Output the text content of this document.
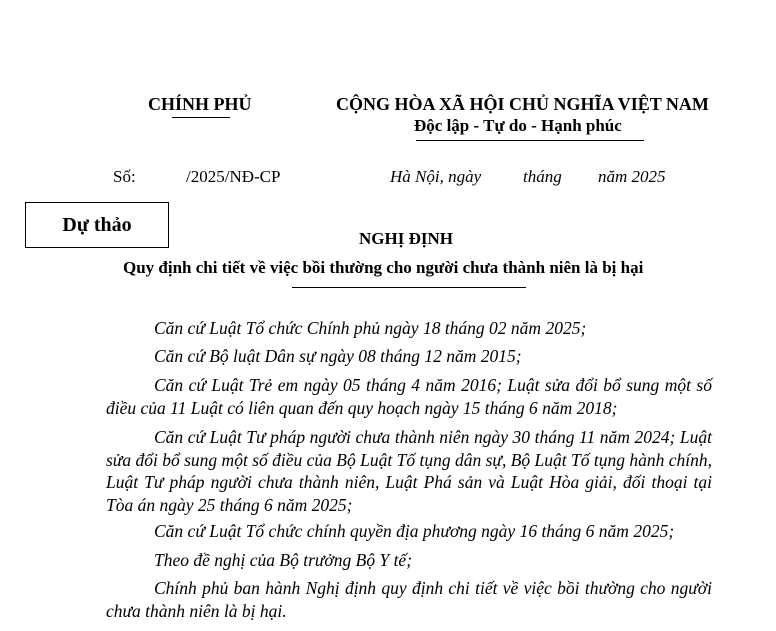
CHÍNH PHỦ	CỘNG HÒA XÃ HỘI CHỦ NGHĨA VIỆT NAM
Độc lập - Tự do - Hạnh phúc
Số:	/2025/NĐ-CP	Hà Nội, ngày tháng năm 2025
Dự thảo
NGHỊ ĐỊNH
Quy định chi tiết về việc bồi thường cho người chưa thành niên là bị hại
Căn cứ Luật Tổ chức Chính phủ ngày 18 tháng 02 năm 2025;
Căn cứ Bộ luật Dân sự ngày 08 tháng 12 năm 2015;
Căn cứ Luật Trẻ em ngày 05 tháng 4 năm 2016; Luật sửa đổi bổ sung một số điều của 11 Luật có liên quan đến quy hoạch ngày 15 tháng 6 năm 2018;
Căn cứ Luật Tư pháp người chưa thành niên ngày 30 tháng 11 năm 2024; Luật sửa đổi bổ sung một số điều của Bộ Luật Tố tụng dân sự, Bộ Luật Tố tụng hành chính, Luật Tư pháp người chưa thành niên, Luật Phá sản và Luật Hòa giải, đối thoại tại Tòa án ngày 25 tháng 6 năm 2025;
Căn cứ Luật Tổ chức chính quyền địa phương ngày 16 tháng 6 năm 2025;
Theo đề nghị của Bộ trưởng Bộ Y tế;
Chính phủ ban hành Nghị định quy định chi tiết về việc bồi thường cho người chưa thành niên là bị hại.
